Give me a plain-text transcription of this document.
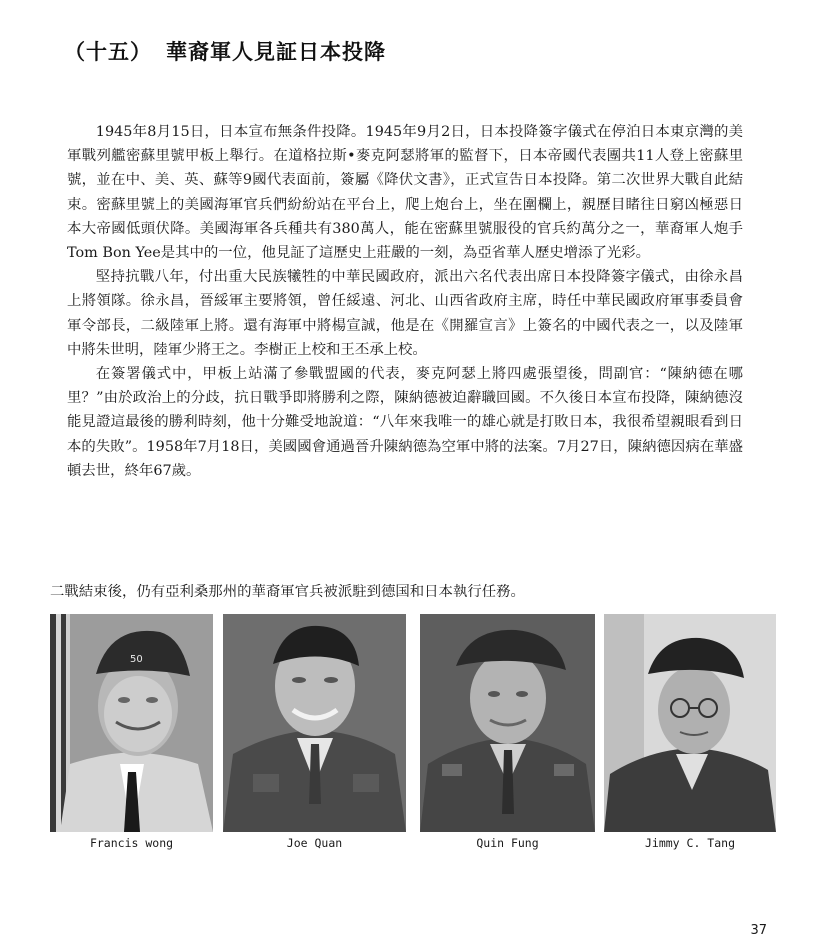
（十五） 華裔軍人見証日本投降

1945年8月15日，日本宣布無条件投降。1945年9月2日，日本投降簽字儀式在停泊日本東京灣的美軍戰列艦密蘇里號甲板上舉行。在道格拉斯•麥克阿瑟將軍的監督下，日本帝國代表團共11人登上密蘇里號，並在中、美、英、蘇等9國代表面前，簽屬《降伏文書》，正式宣告日本投降。第二次世界大戰自此結束。密蘇里號上的美國海軍官兵們紛紛站在平台上，爬上炮台上，坐在圍欄上，親歷目睹往日窮凶極惡日本大帝國低頭伏降。美國海軍各兵種共有380萬人，能在密蘇里號服役的官兵約萬分之一，華裔軍人炮手Tom Bon Yee是其中的一位，他見証了這歷史上莊嚴的一刻，為亞省華人歷史增添了光彩。

堅持抗戰八年，付出重大民族犧牲的中華民國政府，派出六名代表出席日本投降簽字儀式，由徐永昌上將領隊。徐永昌，晉綏軍主要將領，曾任綏遠、河北、山西省政府主席，時任中華民國政府軍事委員會軍令部長，二級陸軍上將。還有海軍中將楊宣誠，他是在《開羅宣言》上簽名的中國代表之一，以及陸軍中將朱世明，陸軍少將王之。李樹正上校和王丕承上校。

在簽署儀式中，甲板上站滿了參戰盟國的代表，麥克阿瑟上將四處張望後，問副官：“陳納德在哪里？”由於政治上的分歧，抗日戰爭即將勝利之際，陳納德被迫辭職回國。不久後日本宣布投降，陳納德沒能見證這最後的勝利時刻，他十分難受地說道：“八年來我唯一的雄心就是打敗日本，我很希望親眼看到日本的失敗”。1958年7月18日，美國國會通過晉升陳納德為空軍中將的法案。7月27日，陳納德因病在華盛頓去世，終年67歲。

二戰結束後，仍有亞利桑那州的華裔軍官兵被派駐到德国和日本執行任務。
50
Francis wong	Joe Quan	Quin Fung	Jimmy C. Tang
37
